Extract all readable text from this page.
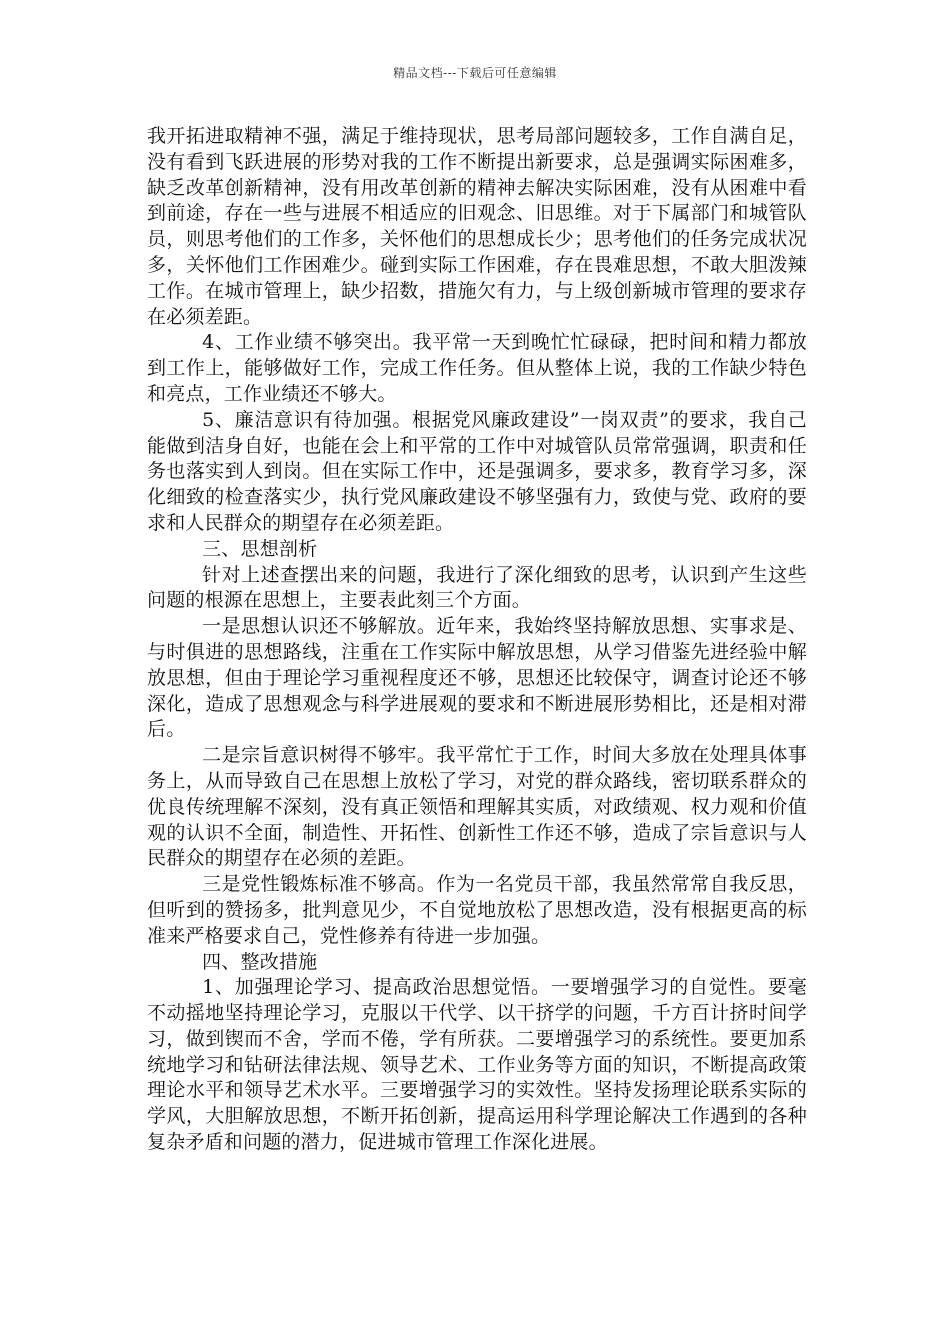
精品文档---下载后可任意编辑

我开拓进取精神不强，满足于维持现状，思考局部问题较多，工作自满自足，没有看到飞跃进展的形势对我的工作不断提出新要求，总是强调实际困难多，缺乏改革创新精神，没有用改革创新的精神去解决实际困难，没有从困难中看到前途，存在一些与进展不相适应的旧观念、旧思维。对于下属部门和城管队员，则思考他们的工作多，关怀他们的思想成长少；思考他们的任务完成状况多，关怀他们工作困难少。碰到实际工作困难，存在畏难思想，不敢大胆泼辣工作。在城市管理上，缺少招数，措施欠有力，与上级创新城市管理的要求存在必须差距。

4、工作业绩不够突出。我平常一天到晚忙忙碌碌，把时间和精力都放到工作上，能够做好工作，完成工作任务。但从整体上说，我的工作缺少特色和亮点，工作业绩还不够大。

5、廉洁意识有待加强。根据党风廉政建设”一岗双责”的要求，我自己能做到洁身自好，也能在会上和平常的工作中对城管队员常常强调，职责和任务也落实到人到岗。但在实际工作中，还是强调多，要求多，教育学习多，深化细致的检查落实少，执行党风廉政建设不够坚强有力，致使与党、政府的要求和人民群众的期望存在必须差距。

三、思想剖析

针对上述查摆出来的问题，我进行了深化细致的思考，认识到产生这些问题的根源在思想上，主要表此刻三个方面。

一是思想认识还不够解放。近年来，我始终坚持解放思想、实事求是、与时俱进的思想路线，注重在工作实际中解放思想，从学习借鉴先进经验中解放思想，但由于理论学习重视程度还不够，思想还比较保守，调查讨论还不够深化，造成了思想观念与科学进展观的要求和不断进展形势相比，还是相对滞后。

二是宗旨意识树得不够牢。我平常忙于工作，时间大多放在处理具体事务上，从而导致自己在思想上放松了学习，对党的群众路线，密切联系群众的优良传统理解不深刻，没有真正领悟和理解其实质，对政绩观、权力观和价值观的认识不全面，制造性、开拓性、创新性工作还不够，造成了宗旨意识与人民群众的期望存在必须的差距。

三是党性锻炼标准不够高。作为一名党员干部，我虽然常常自我反思，但听到的赞扬多，批判意见少，不自觉地放松了思想改造，没有根据更高的标准来严格要求自己，党性修养有待进一步加强。

四、整改措施

1、加强理论学习、提高政治思想觉悟。一要增强学习的自觉性。要毫不动摇地坚持理论学习，克服以干代学、以干挤学的问题，千方百计挤时间学习，做到锲而不舍，学而不倦，学有所获。二要增强学习的系统性。要更加系统地学习和钻研法律法规、领导艺术、工作业务等方面的知识，不断提高政策理论水平和领导艺术水平。三要增强学习的实效性。坚持发扬理论联系实际的学风，大胆解放思想，不断开拓创新，提高运用科学理论解决工作遇到的各种复杂矛盾和问题的潜力，促进城市管理工作深化进展。
